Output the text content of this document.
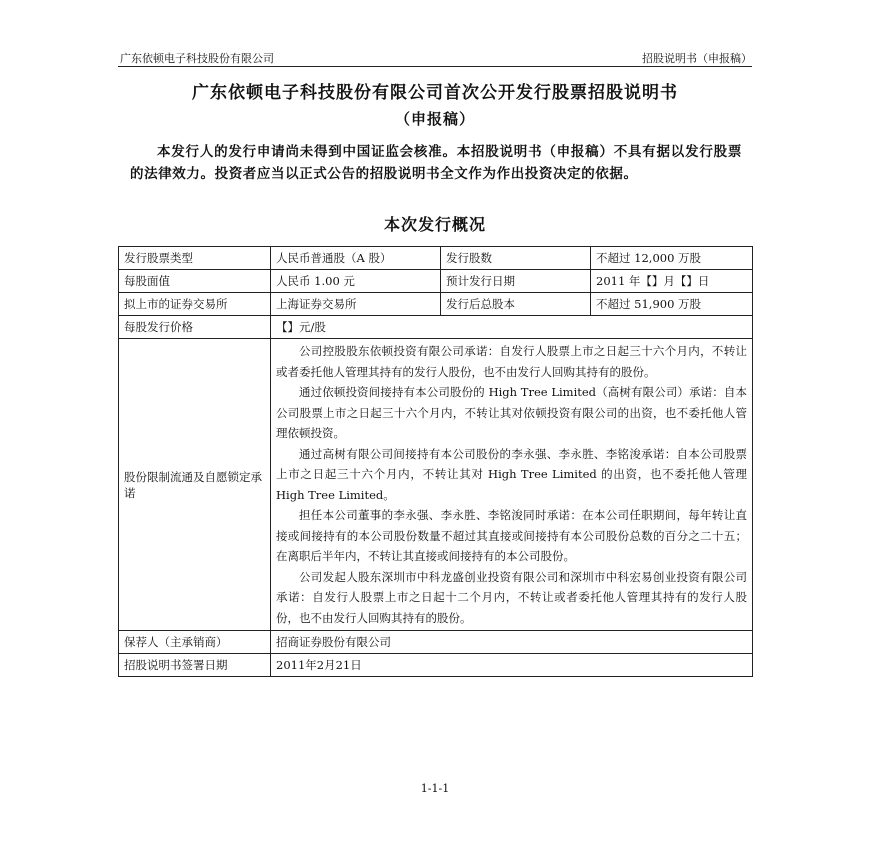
广东依顿电子科技股份有限公司	招股说明书（申报稿）
广东依顿电子科技股份有限公司首次公开发行股票招股说明书
（申报稿）
本发行人的发行申请尚未得到中国证监会核准。本招股说明书（申报稿）不具有据以发行股票的法律效力。投资者应当以正式公告的招股说明书全文作为作出投资决定的依据。
本次发行概况
发行股票类型	人民币普通股（A 股）	发行股数	不超过 12,000 万股
每股面值	人民币 1.00 元	预计发行日期	2011 年【】月【】日
拟上市的证券交易所	上海证券交易所	发行后总股本	不超过 51,900 万股
每股发行价格	【】元/股		
股份限制流通及自愿锁定承诺	公司控股股东依顿投资有限公司承诺：自发行人股票上市之日起三十六个月内，不转让或者委托他人管理其持有的发行人股份，也不由发行人回购其持有的股份。

通过依顿投资间接持有本公司股份的 High Tree Limited（高树有限公司）承诺：自本公司股票上市之日起三十六个月内，不转让其对依顿投资有限公司的出资，也不委托他人管理依顿投资。

通过高树有限公司间接持有本公司股份的李永强、李永胜、李铭浚承诺：自本公司股票上市之日起三十六个月内，不转让其对 High Tree Limited 的出资，也不委托他人管理 High Tree Limited。

担任本公司董事的李永强、李永胜、李铭浚同时承诺：在本公司任职期间，每年转让直接或间接持有的本公司股份数量不超过其直接或间接持有本公司股份总数的百分之二十五；在离职后半年内，不转让其直接或间接持有的本公司股份。

公司发起人股东深圳市中科龙盛创业投资有限公司和深圳市中科宏易创业投资有限公司承诺：自发行人股票上市之日起十二个月内，不转让或者委托他人管理其持有的发行人股份，也不由发行人回购其持有的股份。		

保荐人（主承销商）	招商证券股份有限公司		
招股说明书签署日期	2011年2月21日		
1-1-1
